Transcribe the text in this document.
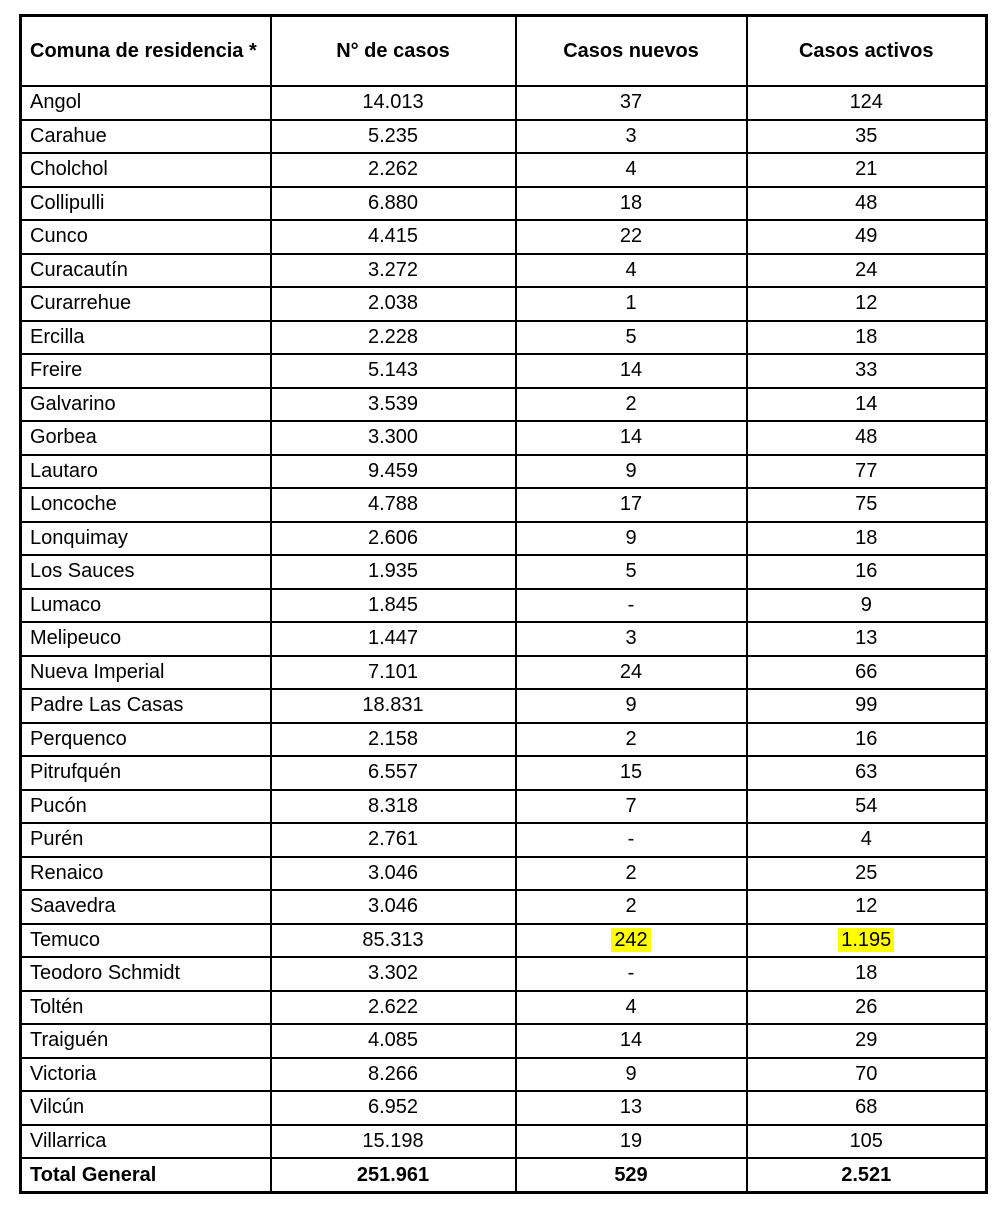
Comuna de residencia *	N° de casos	Casos nuevos	Casos activos
Angol	14.013	37	124
Carahue	5.235	3	35
Cholchol	2.262	4	21
Collipulli	6.880	18	48
Cunco	4.415	22	49
Curacautín	3.272	4	24
Curarrehue	2.038	1	12
Ercilla	2.228	5	18
Freire	5.143	14	33
Galvarino	3.539	2	14
Gorbea	3.300	14	48
Lautaro	9.459	9	77
Loncoche	4.788	17	75
Lonquimay	2.606	9	18
Los Sauces	1.935	5	16
Lumaco	1.845	-	9
Melipeuco	1.447	3	13
Nueva Imperial	7.101	24	66
Padre Las Casas	18.831	9	99
Perquenco	2.158	2	16
Pitrufquén	6.557	15	63
Pucón	8.318	7	54
Purén	2.761	-	4
Renaico	3.046	2	25
Saavedra	3.046	2	12
Temuco	85.313	242	1.195
Teodoro Schmidt	3.302	-	18
Toltén	2.622	4	26
Traiguén	4.085	14	29
Victoria	8.266	9	70
Vilcún	6.952	13	68
Villarrica	15.198	19	105
Total General	251.961	529	2.521
